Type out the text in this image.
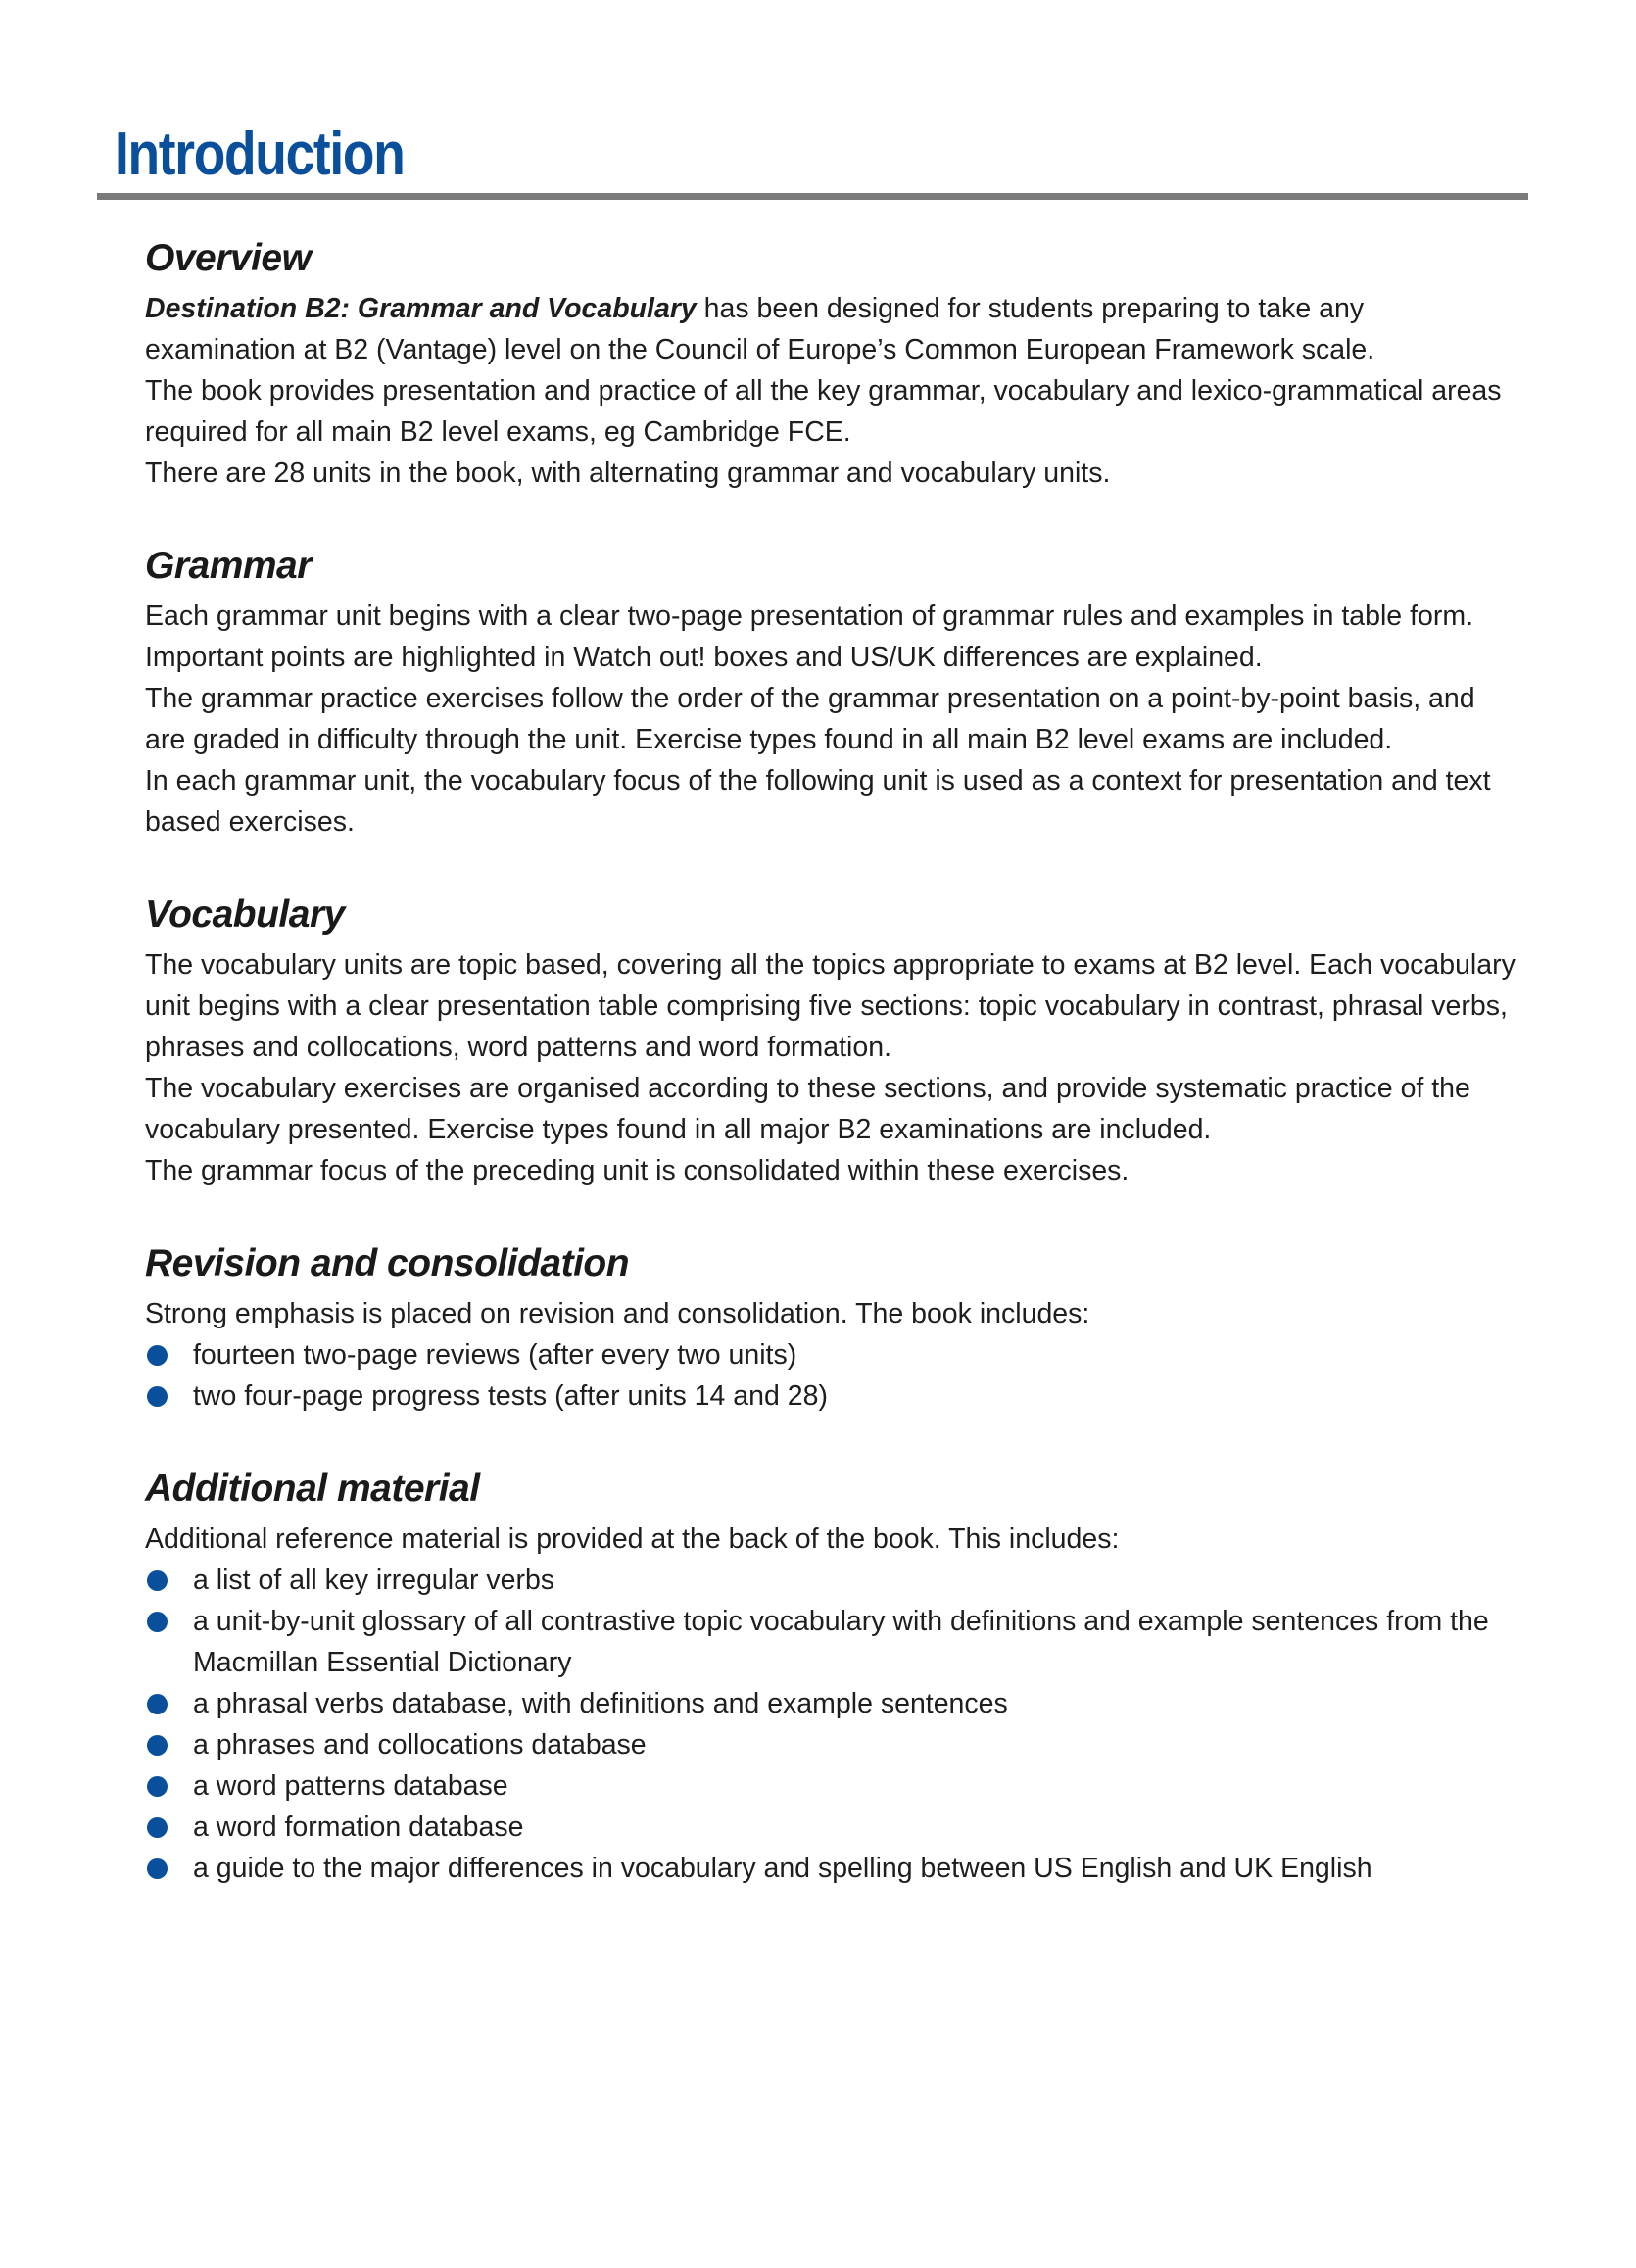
Introduction
Overview

Destination B2: Grammar and Vocabulary has been designed for students preparing to take any examination at B2 (Vantage) level on the Council of Europe’s Common European Framework scale.

The book provides presentation and practice of all the key grammar, vocabulary and lexico-grammatical areas required for all main B2 level exams, eg Cambridge FCE.

There are 28 units in the book, with alternating grammar and vocabulary units.

Grammar

Each grammar unit begins with a clear two-page presentation of grammar rules and examples in table form. Important points are highlighted in Watch out! boxes and US/UK differences are explained.

The grammar practice exercises follow the order of the grammar presentation on a point-by-point basis, and are graded in difficulty through the unit. Exercise types found in all main B2 level exams are included.

In each grammar unit, the vocabulary focus of the following unit is used as a context for presentation and text based exercises.

Vocabulary

The vocabulary units are topic based, covering all the topics appropriate to exams at B2 level. Each vocabulary unit begins with a clear presentation table comprising five sections: topic vocabulary in contrast, phrasal verbs, phrases and collocations, word patterns and word formation.

The vocabulary exercises are organised according to these sections, and provide systematic practice of the vocabulary presented. Exercise types found in all major B2 examinations are included.

The grammar focus of the preceding unit is consolidated within these exercises.

Revision and consolidation

Strong emphasis is placed on revision and consolidation. The book includes:

fourteen two-page reviews (after every two units)
two four-page progress tests (after units 14 and 28)
Additional material

Additional reference material is provided at the back of the book. This includes:

a list of all key irregular verbs
a unit-by-unit glossary of all contrastive topic vocabulary with definitions and example sentences from the Macmillan Essential Dictionary
a phrasal verbs database, with definitions and example sentences
a phrases and collocations database
a word patterns database
a word formation database
a guide to the major differences in vocabulary and spelling between US English and UK English
